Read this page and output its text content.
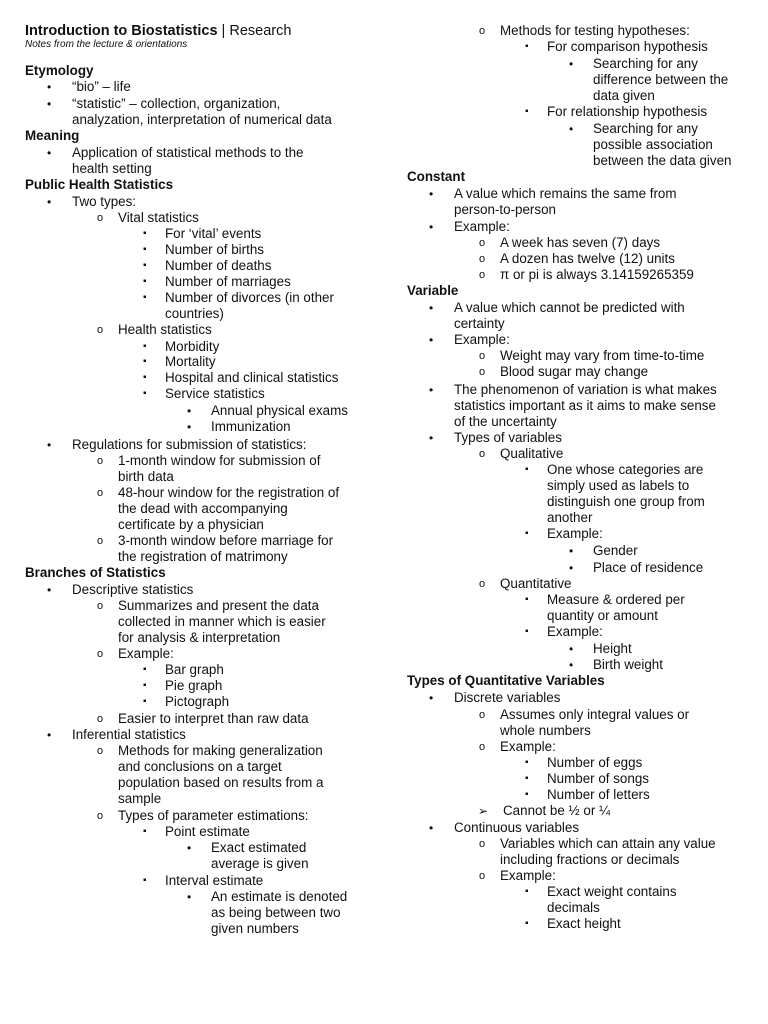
Introduction to Biostatistics | Research
Notes from the lecture & orientations
Etymology
• “bio” – life
• “statistic” – collection, organization,
analyzation, interpretation of numerical data
Meaning
• Application of statistical methods to the
health setting
Public Health Statistics
• Two types:
o Vital statistics
▪ For ‘vital’ events
▪ Number of births
▪ Number of deaths
▪ Number of marriages
▪ Number of divorces (in other
countries)
o Health statistics
▪ Morbidity
▪ Mortality
▪ Hospital and clinical statistics
▪ Service statistics
• Annual physical exams
• Immunization
• Regulations for submission of statistics:
o 1-month window for submission of
birth data
o 48-hour window for the registration of
the dead with accompanying
certificate by a physician
o 3-month window before marriage for
the registration of matrimony
Branches of Statistics
• Descriptive statistics
o Summarizes and present the data
collected in manner which is easier
for analysis & interpretation
o Example:
▪ Bar graph
▪ Pie graph
▪ Pictograph
o Easier to interpret than raw data
• Inferential statistics
o Methods for making generalization
and conclusions on a target
population based on results from a
sample
o Types of parameter estimations:
▪ Point estimate
• Exact estimated
average is given
▪ Interval estimate
• An estimate is denoted
as being between two
given numbers
o Methods for testing hypotheses:
▪ For comparison hypothesis
• Searching for any
difference between the
data given
▪ For relationship hypothesis
• Searching for any
possible association
between the data given
Constant
• A value which remains the same from
person-to-person
• Example:
o A week has seven (7) days
o A dozen has twelve (12) units
o π or pi is always 3.14159265359
Variable
• A value which cannot be predicted with
certainty
• Example:
o Weight may vary from time-to-time
o Blood sugar may change
• The phenomenon of variation is what makes
statistics important as it aims to make sense
of the uncertainty
• Types of variables
o Qualitative
▪ One whose categories are
simply used as labels to
distinguish one group from
another
▪ Example:
• Gender
• Place of residence
o Quantitative
▪ Measure & ordered per
quantity or amount
▪ Example:
• Height
• Birth weight
Types of Quantitative Variables
• Discrete variables
o Assumes only integral values or
whole numbers
o Example:
▪ Number of eggs
▪ Number of songs
▪ Number of letters
➢ Cannot be ½ or ¼
• Continuous variables
o Variables which can attain any value
including fractions or decimals
o Example:
▪ Exact weight contains
decimals
▪ Exact height
